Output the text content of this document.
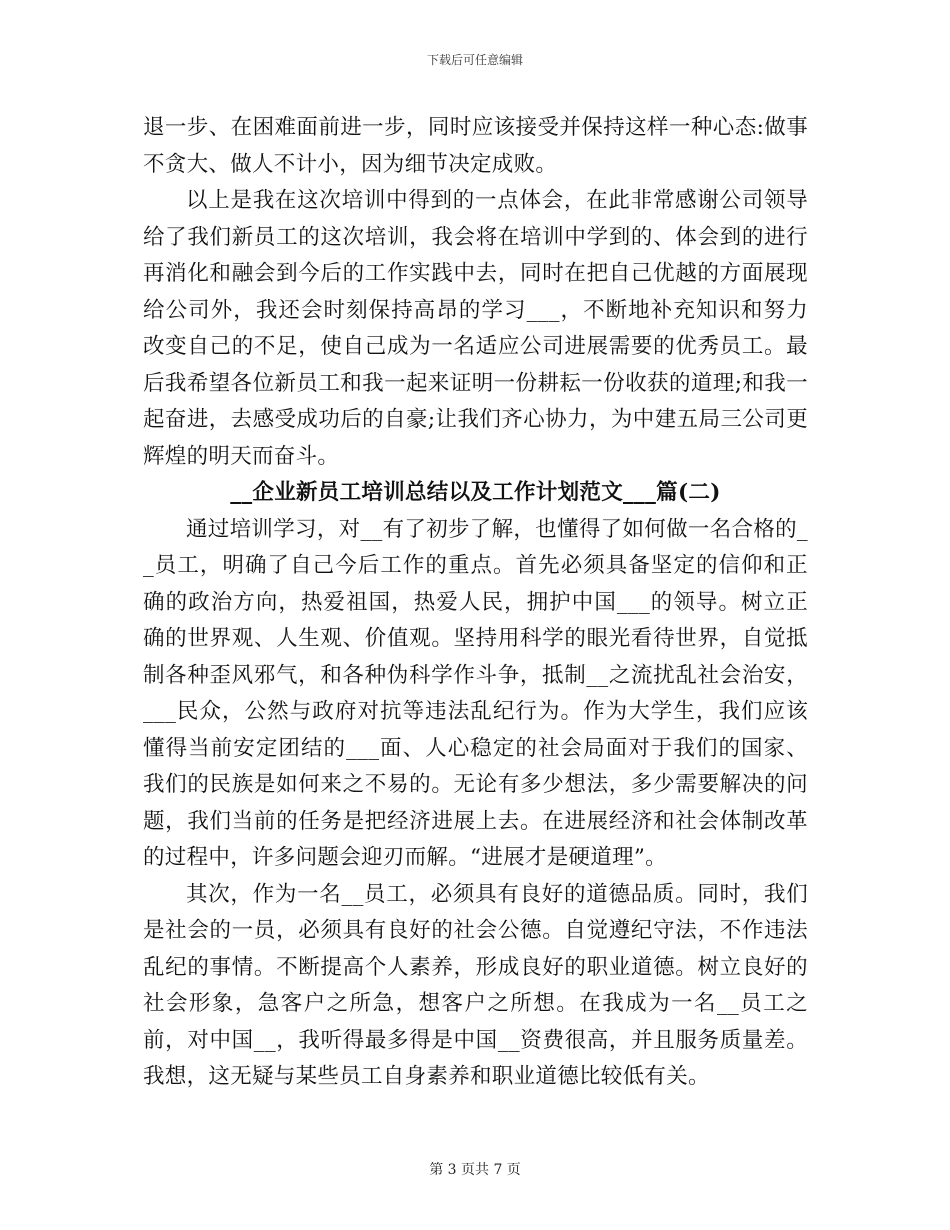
下载后可任意编辑

退一步、在困难面前进一步，同时应该接受并保持这样一种心态:做事不贪大、做人不计小，因为细节决定成败。

以上是我在这次培训中得到的一点体会，在此非常感谢公司领导给了我们新员工的这次培训，我会将在培训中学到的、体会到的进行再消化和融会到今后的工作实践中去，同时在把自己优越的方面展现给公司外，我还会时刻保持高昂的学习___，不断地补充知识和努力改变自己的不足，使自己成为一名适应公司进展需要的优秀员工。最后我希望各位新员工和我一起来证明一份耕耘一份收获的道理;和我一起奋进，去感受成功后的自豪;让我们齐心协力，为中建五局三公司更辉煌的明天而奋斗。

__企业新员工培训总结以及工作计划范文___篇(二)

通过培训学习，对__有了初步了解，也懂得了如何做一名合格的__员工，明确了自己今后工作的重点。首先必须具备坚定的信仰和正确的政治方向，热爱祖国，热爱人民，拥护中国___的领导。树立正确的世界观、人生观、价值观。坚持用科学的眼光看待世界，自觉抵制各种歪风邪气，和各种伪科学作斗争，抵制__之流扰乱社会治安，___民众，公然与政府对抗等违法乱纪行为。作为大学生，我们应该懂得当前安定团结的___面、人心稳定的社会局面对于我们的国家、我们的民族是如何来之不易的。无论有多少想法，多少需要解决的问题，我们当前的任务是把经济进展上去。在进展经济和社会体制改革的过程中，许多问题会迎刃而解。“进展才是硬道理”。

其次，作为一名__员工，必须具有良好的道德品质。同时，我们是社会的一员，必须具有良好的社会公德。自觉遵纪守法，不作违法乱纪的事情。不断提高个人素养，形成良好的职业道德。树立良好的社会形象，急客户之所急，想客户之所想。在我成为一名__员工之前，对中国__，我听得最多得是中国__资费很高，并且服务质量差。我想，这无疑与某些员工自身素养和职业道德比较低有关。

第 3 页共 7 页
